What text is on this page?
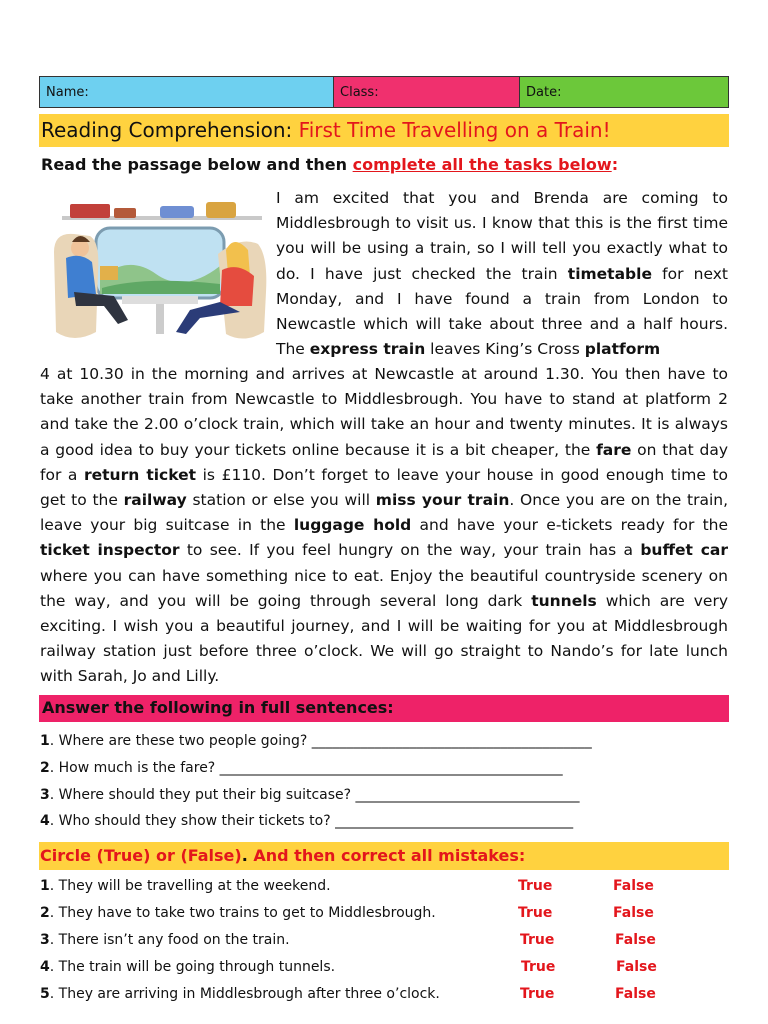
Name:	Class:	Date:
Reading Comprehension: First Time Travelling on a Train!
Read the passage below and then complete all the tasks below:
I am excited that you and Brenda are coming to Middlesbrough to visit us. I know that this is the first time you will be using a train, so I will tell you exactly what to do. I have just checked the train timetable for next Monday, and I have found a train from London to Newcastle which will take about three and a half hours. The express train leaves King’s Cross platform
4 at 10.30 in the morning and arrives at Newcastle at around 1.30. You then have to take another train from Newcastle to Middlesbrough. You have to stand at platform 2 and take the 2.00 o’clock train, which will take an hour and twenty minutes. It is always a good idea to buy your tickets online because it is a bit cheaper, the fare on that day for a return ticket is £110. Don’t forget to leave your house in good enough time to get to the railway station or else you will miss your train. Once you are on the train, leave your big suitcase in the luggage hold and have your e-tickets ready for the ticket inspector to see. If you feel hungry on the way, your train has a buffet car where you can have something nice to eat. Enjoy the beautiful countryside scenery on the way, and you will be going through several long dark tunnels which are very exciting. I wish you a beautiful journey, and I will be waiting for you at Middlesbrough railway station just before three o’clock. We will go straight to Nando’s for late lunch with Sarah, Jo and Lilly.
Answer the following in full sentences:
1. Where are these two people going? ________________________________________
2. How much is the fare? _________________________________________________
3. Where should they put their big suitcase? ________________________________
4. Who should they show their tickets to? __________________________________
Circle (True) or (False). And then correct all mistakes:
1. They will be travelling at the weekend.	True	False
2. They have to take two trains to get to Middlesbrough.	True	False
3. There isn’t any food on the train.	True	False
4. The train will be going through tunnels.	True	False
5. They are arriving in Middlesbrough after three o’clock.	True	False
